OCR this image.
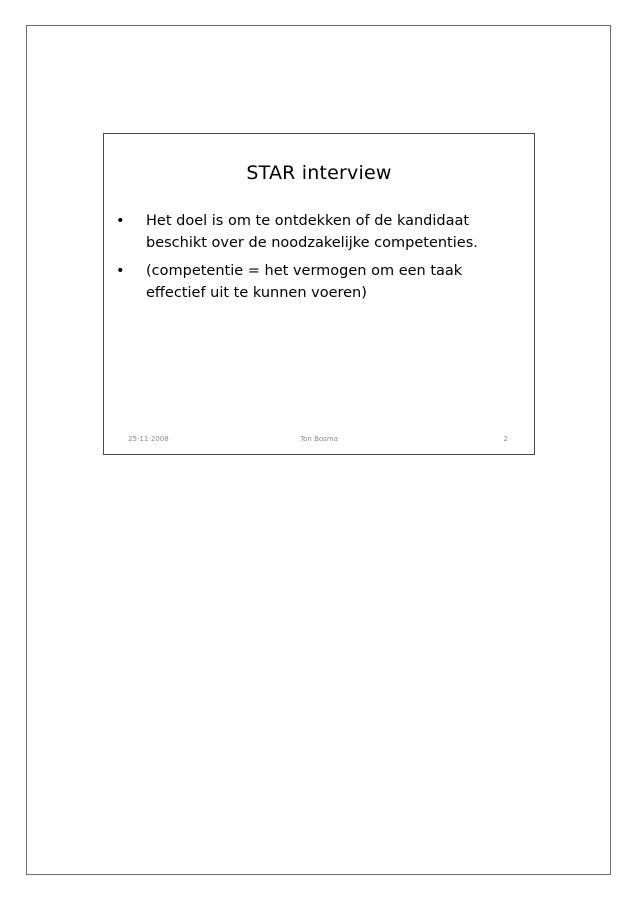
STAR interview
•	Het doel is om te ontdekken of de kandidaat beschikt over de noodzakelijke competenties.
•	(competentie = het vermogen om een taak effectief uit te kunnen voeren)
25-11-2008	Ton Bosma	2
